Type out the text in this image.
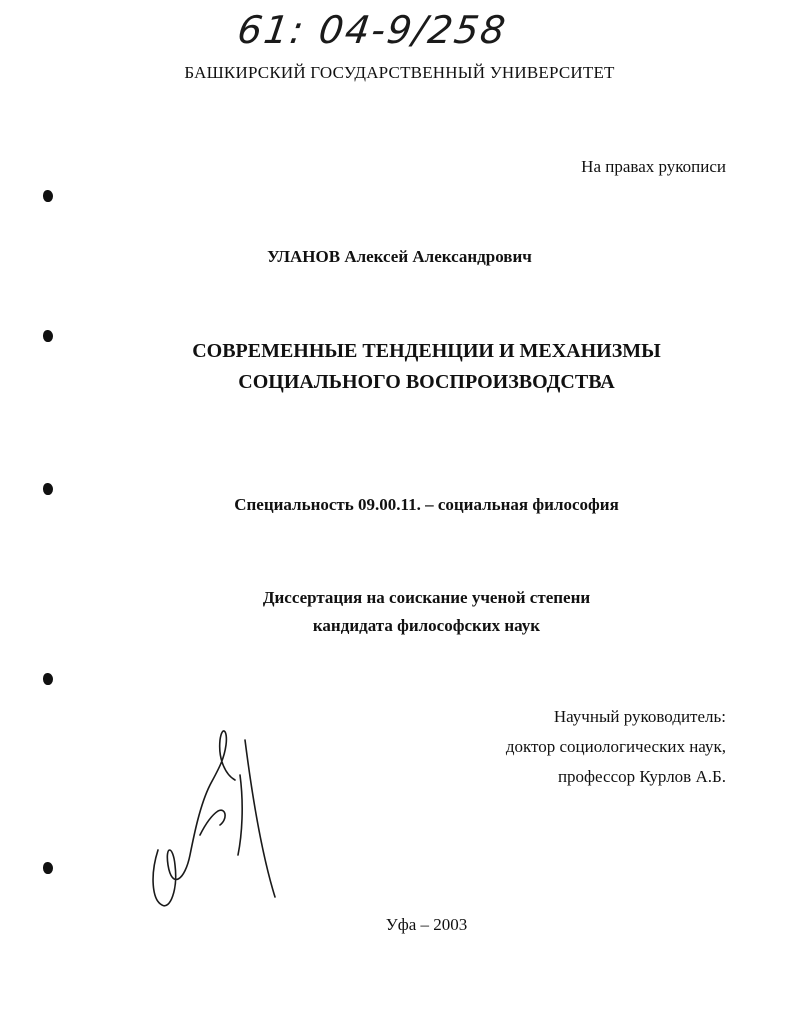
61: 04-9/258
БАШКИРСКИЙ ГОСУДАРСТВЕННЫЙ УНИВЕРСИТЕТ
На правах рукописи
УЛАНОВ Алексей Александрович
СОВРЕМЕННЫЕ ТЕНДЕНЦИИ И МЕХАНИЗМЫ
СОЦИАЛЬНОГО ВОСПРОИЗВОДСТВА
Специальность 09.00.11. – социальная философия
Диссертация на соискание ученой степени
кандидата философских наук
Научный руководитель:
доктор социологических наук,
профессор Курлов А.Б.
Уфа – 2003
